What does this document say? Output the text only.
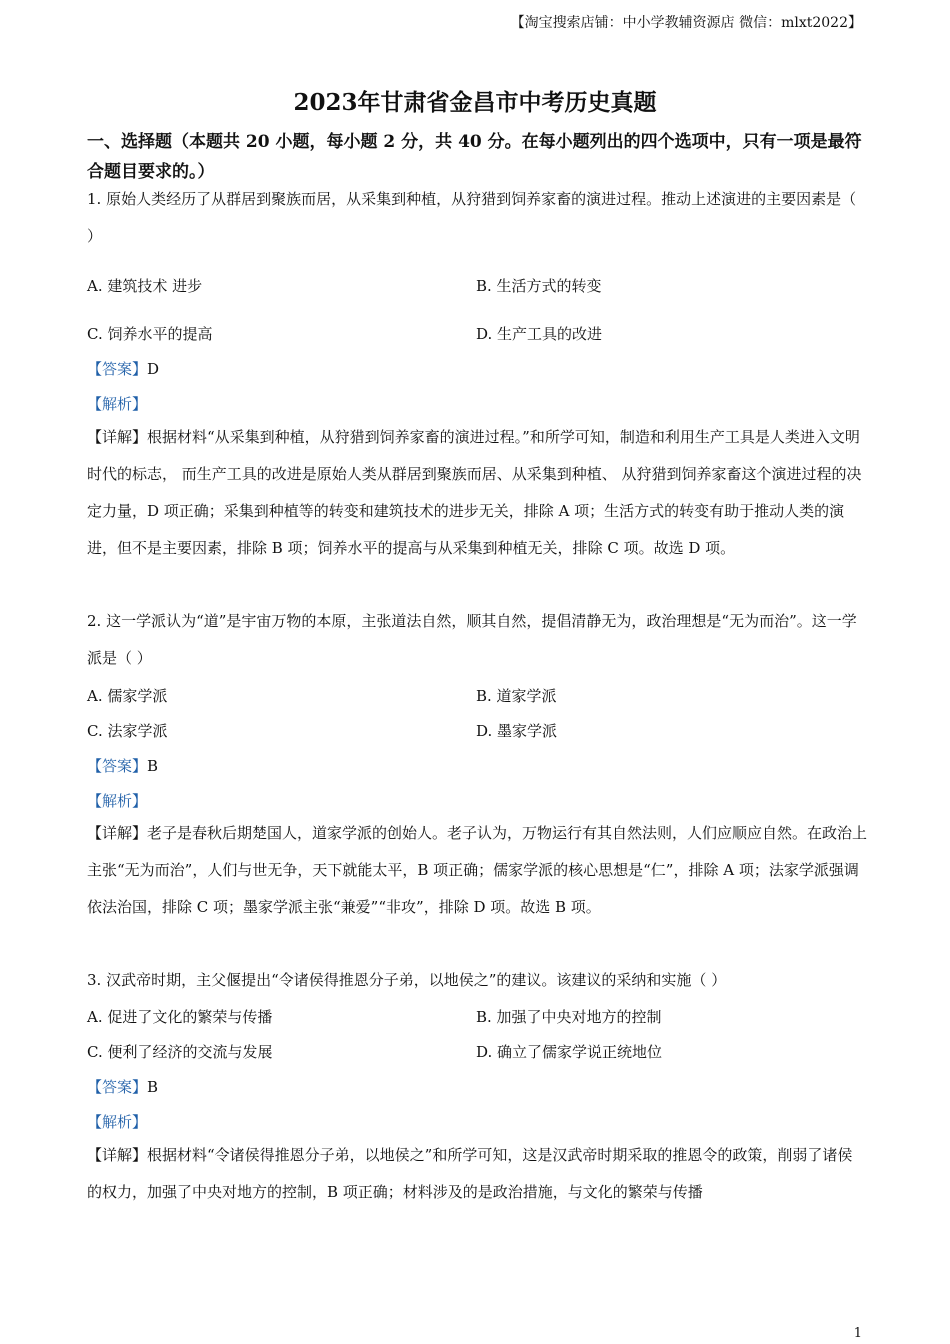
【淘宝搜索店铺：中小学教辅资源店 微信：mlxt2022】
2023年甘肃省金昌市中考历史真题
一、选择题（本题共 20 小题，每小题 2 分，共 40 分。在每小题列出的四个选项中，只有一项是最符合题目要求的。）
1. 原始人类经历了从群居到聚族而居，从采集到种植，从狩猎到饲养家畜的演进过程。推动上述演进的主要因素是（ ）
A. 建筑技术 进步	B. 生活方式的转变
C. 饲养水平的提高	D. 生产工具的改进
【答案】D
【解析】
【详解】根据材料“从采集到种植，从狩猎到饲养家畜的演进过程。”和所学可知，制造和利用生产工具是人类进入文明时代的标志， 而生产工具的改进是原始人类从群居到聚族而居、从采集到种植、 从狩猎到饲养家畜这个演进过程的决定力量，D 项正确；采集到种植等的转变和建筑技术的进步无关，排除 A 项；生活方式的转变有助于推动人类的演进，但不是主要因素，排除 B 项；饲养水平的提高与从采集到种植无关，排除 C 项。故选 D 项。
2. 这一学派认为“道”是宇宙万物的本原，主张道法自然，顺其自然，提倡清静无为，政治理想是“无为而治”。这一学派是（ ）
A. 儒家学派	B. 道家学派
C. 法家学派	D. 墨家学派
【答案】B
【解析】
【详解】老子是春秋后期楚国人，道家学派的创始人。老子认为，万物运行有其自然法则，人们应顺应自然。在政治上主张“无为而治”，人们与世无争，天下就能太平，B 项正确；儒家学派的核心思想是“仁”，排除 A 项；法家学派强调依法治国，排除 C 项；墨家学派主张“兼爱”“非攻”，排除 D 项。故选 B 项。
3. 汉武帝时期，主父偃提出“令诸侯得推恩分子弟，以地侯之”的建议。该建议的采纳和实施（ ）
A. 促进了文化的繁荣与传播	B. 加强了中央对地方的控制
C. 便利了经济的交流与发展	D. 确立了儒家学说正统地位
【答案】B
【解析】
【详解】根据材料“令诸侯得推恩分子弟，以地侯之”和所学可知，这是汉武帝时期采取的推恩令的政策，削弱了诸侯的权力，加强了中央对地方的控制，B 项正确；材料涉及的是政治措施，与文化的繁荣与传播
1
